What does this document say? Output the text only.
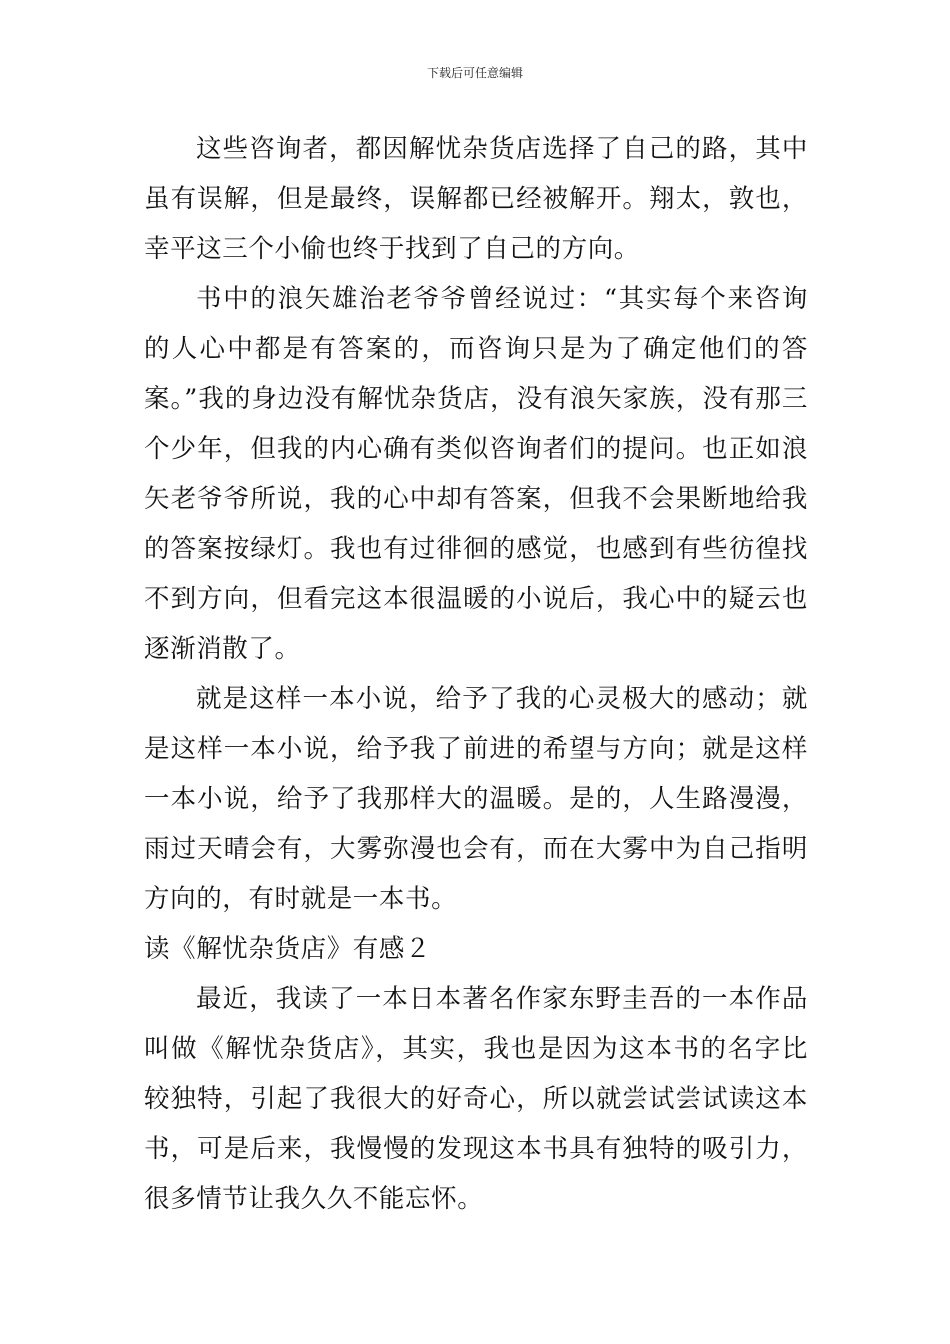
下载后可任意编辑

这些咨询者，都因解忧杂货店选择了自己的路，其中虽有误解，但是最终，误解都已经被解开。翔太，敦也，幸平这三个小偷也终于找到了自己的方向。

书中的浪矢雄治老爷爷曾经说过：“其实每个来咨询的人心中都是有答案的，而咨询只是为了确定他们的答案。”我的身边没有解忧杂货店，没有浪矢家族，没有那三个少年，但我的内心确有类似咨询者们的提问。也正如浪矢老爷爷所说，我的心中却有答案，但我不会果断地给我的答案按绿灯。我也有过徘徊的感觉，也感到有些彷徨找不到方向，但看完这本很温暖的小说后，我心中的疑云也逐渐消散了。

就是这样一本小说，给予了我的心灵极大的感动；就是这样一本小说，给予我了前进的希望与方向；就是这样一本小说，给予了我那样大的温暖。是的，人生路漫漫，雨过天晴会有，大雾弥漫也会有，而在大雾中为自己指明方向的，有时就是一本书。

读《解忧杂货店》有感２

最近，我读了一本日本著名作家东野圭吾的一本作品叫做《解忧杂货店》，其实，我也是因为这本书的名字比较独特，引起了我很大的好奇心，所以就尝试尝试读这本书，可是后来，我慢慢的发现这本书具有独特的吸引力，很多情节让我久久不能忘怀。
